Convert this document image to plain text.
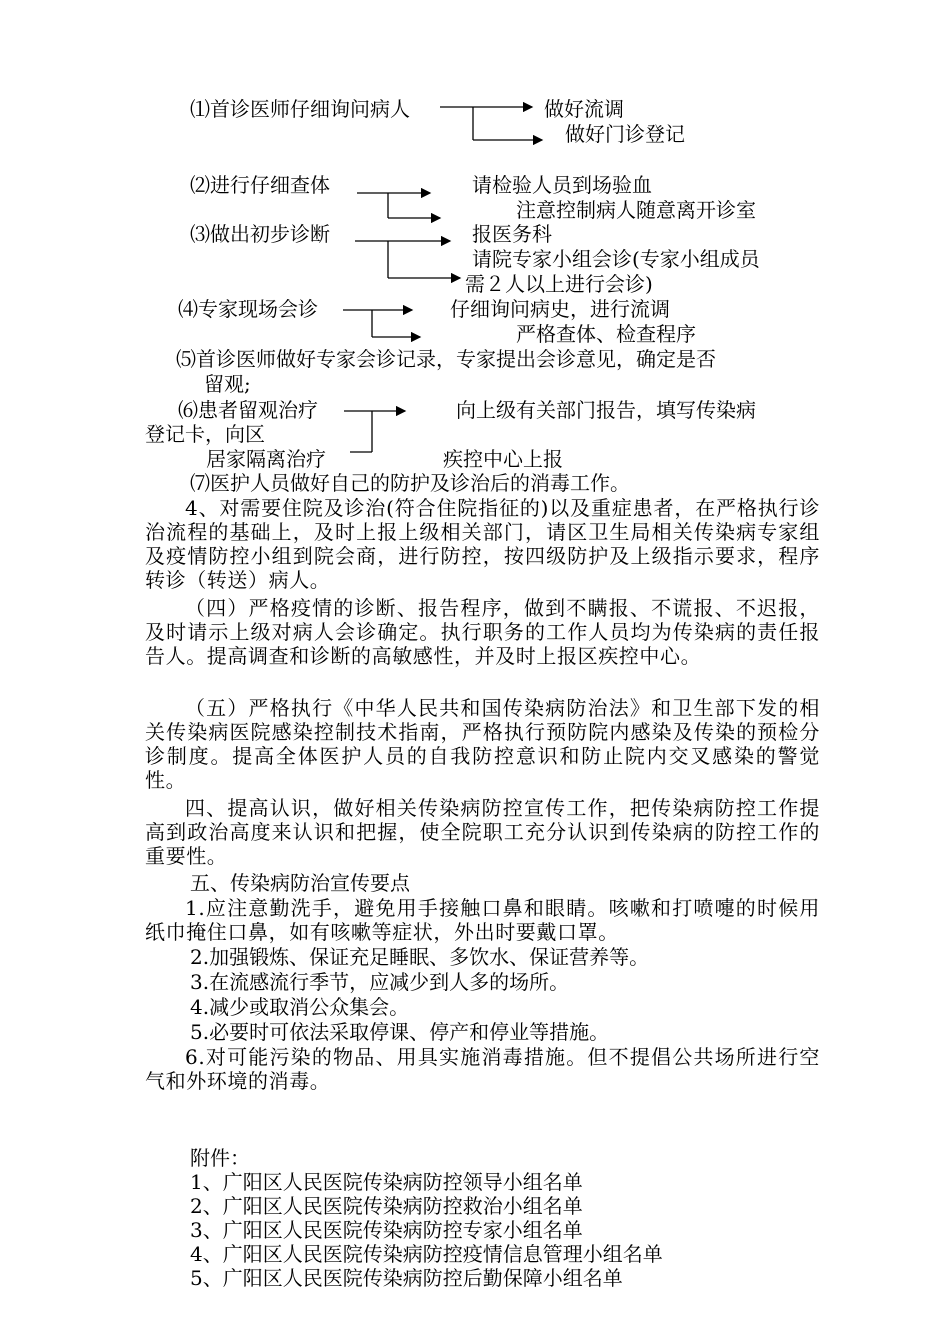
⑴首诊医师仔细询问病人	做好流调
做好门诊登记
⑵进行仔细查体	请检验人员到场验血
注意控制病人随意离开诊室
⑶做出初步诊断	报医务科
请院专家小组会诊(专家小组成员
需２人以上进行会诊)
⑷专家现场会诊	仔细询问病史，进行流调
严格查体、检查程序
⑸首诊医师做好专家会诊记录，专家提出会诊意见，确定是否
留观;
⑹患者留观治疗	向上级有关部门报告，填写传染病
登记卡，向区
居家隔离治疗	疾控中心上报
⑺医护人员做好自己的防护及诊治后的消毒工作。
4、对需要住院及诊治(符合住院指征的)以及重症患者，在严格执行诊治流程的基础上，及时上报上级相关部门，请区卫生局相关传染病专家组及疫情防控小组到院会商，进行防控，按四级防护及上级指示要求，程序转诊（转送）病人。
（四）严格疫情的诊断、报告程序，做到不瞒报、不谎报、不迟报，及时请示上级对病人会诊确定。执行职务的工作人员均为传染病的责任报告人。提高调查和诊断的高敏感性，并及时上报区疾控中心。
（五）严格执行《中华人民共和国传染病防治法》和卫生部下发的相关传染病医院感染控制技术指南，严格执行预防院内感染及传染的预检分诊制度。提高全体医护人员的自我防控意识和防止院内交叉感染的警觉性。
四、提高认识，做好相关传染病防控宣传工作，把传染病防控工作提高到政治高度来认识和把握，使全院职工充分认识到传染病的防控工作的重要性。
五、传染病防治宣传要点
1.应注意勤洗手，避免用手接触口鼻和眼睛。咳嗽和打喷嚏的时候用纸巾掩住口鼻，如有咳嗽等症状，外出时要戴口罩。
2.加强锻炼、保证充足睡眠、多饮水、保证营养等。
3.在流感流行季节，应减少到人多的场所。
4.减少或取消公众集会。
5.必要时可依法采取停课、停产和停业等措施。
6.对可能污染的物品、用具实施消毒措施。但不提倡公共场所进行空气和外环境的消毒。
附件：
1、广阳区人民医院传染病防控领导小组名单
2、广阳区人民医院传染病防控救治小组名单
3、广阳区人民医院传染病防控专家小组名单
4、广阳区人民医院传染病防控疫情信息管理小组名单
5、广阳区人民医院传染病防控后勤保障小组名单
